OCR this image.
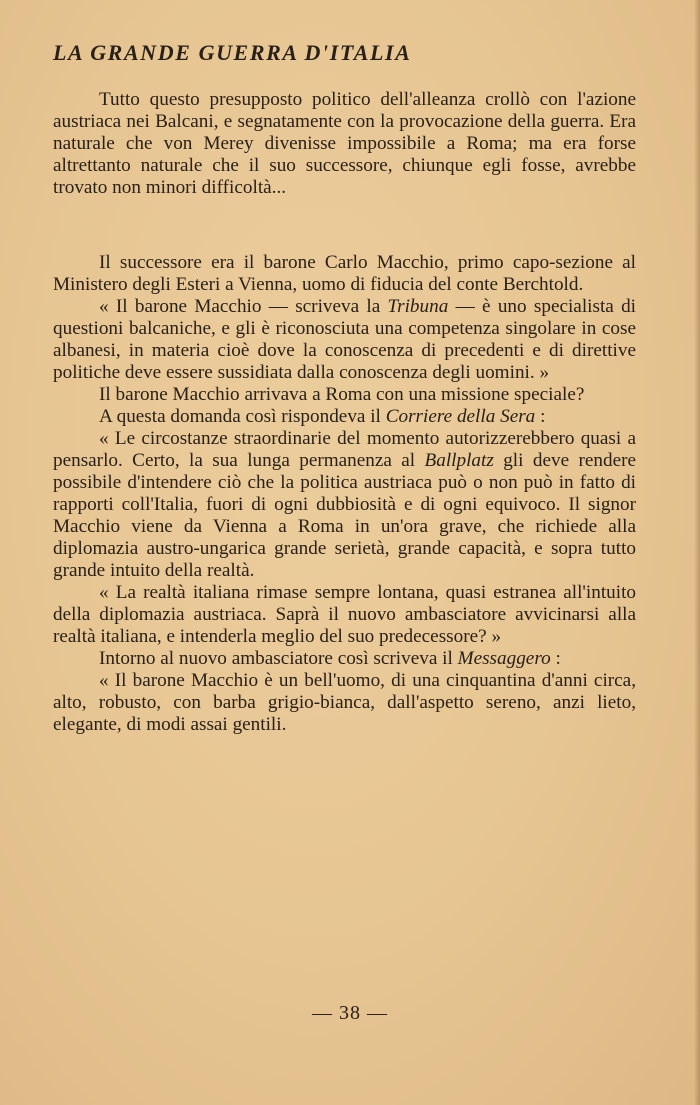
LA GRANDE GUERRA D'ITALIA

Tutto questo presupposto politico dell'alleanza crollò con l'azione austriaca nei Balcani, e segnatamente con la provocazione della guerra. Era naturale che von Merey divenisse impossibile a Roma; ma era forse altrettanto naturale che il suo successore, chiunque egli fosse, avrebbe trovato non minori difficoltà...

Il successore era il barone Carlo Macchio, primo capo-sezione al Ministero degli Esteri a Vienna, uomo di fiducia del conte Berchtold.

« Il barone Macchio — scriveva la Tribuna — è uno specialista di questioni balcaniche, e gli è riconosciuta una competenza singolare in cose albanesi, in materia cioè dove la conoscenza di precedenti e di direttive politiche deve essere sussidiata dalla conoscenza degli uomini. »

Il barone Macchio arrivava a Roma con una missione speciale?

A questa domanda così rispondeva il Corriere della Sera :

« Le circostanze straordinarie del momento autorizzerebbero quasi a pensarlo. Certo, la sua lunga permanenza al Ballplatz gli deve rendere possibile d'intendere ciò che la politica austriaca può o non può in fatto di rapporti coll'Italia, fuori di ogni dubbiosità e di ogni equivoco. Il signor Macchio viene da Vienna a Roma in un'ora grave, che richiede alla diplomazia austro-ungarica grande serietà, grande capacità, e sopra tutto grande intuito della realtà.

« La realtà italiana rimase sempre lontana, quasi estranea all'intuito della diplomazia austriaca. Saprà il nuovo ambasciatore avvicinarsi alla realtà italiana, e intenderla meglio del suo predecessore? »

Intorno al nuovo ambasciatore così scriveva il Messaggero :

« Il barone Macchio è un bell'uomo, di una cinquantina d'anni circa, alto, robusto, con barba grigio-bianca, dall'aspetto sereno, anzi lieto, elegante, di modi assai gentili.

— 38 —
